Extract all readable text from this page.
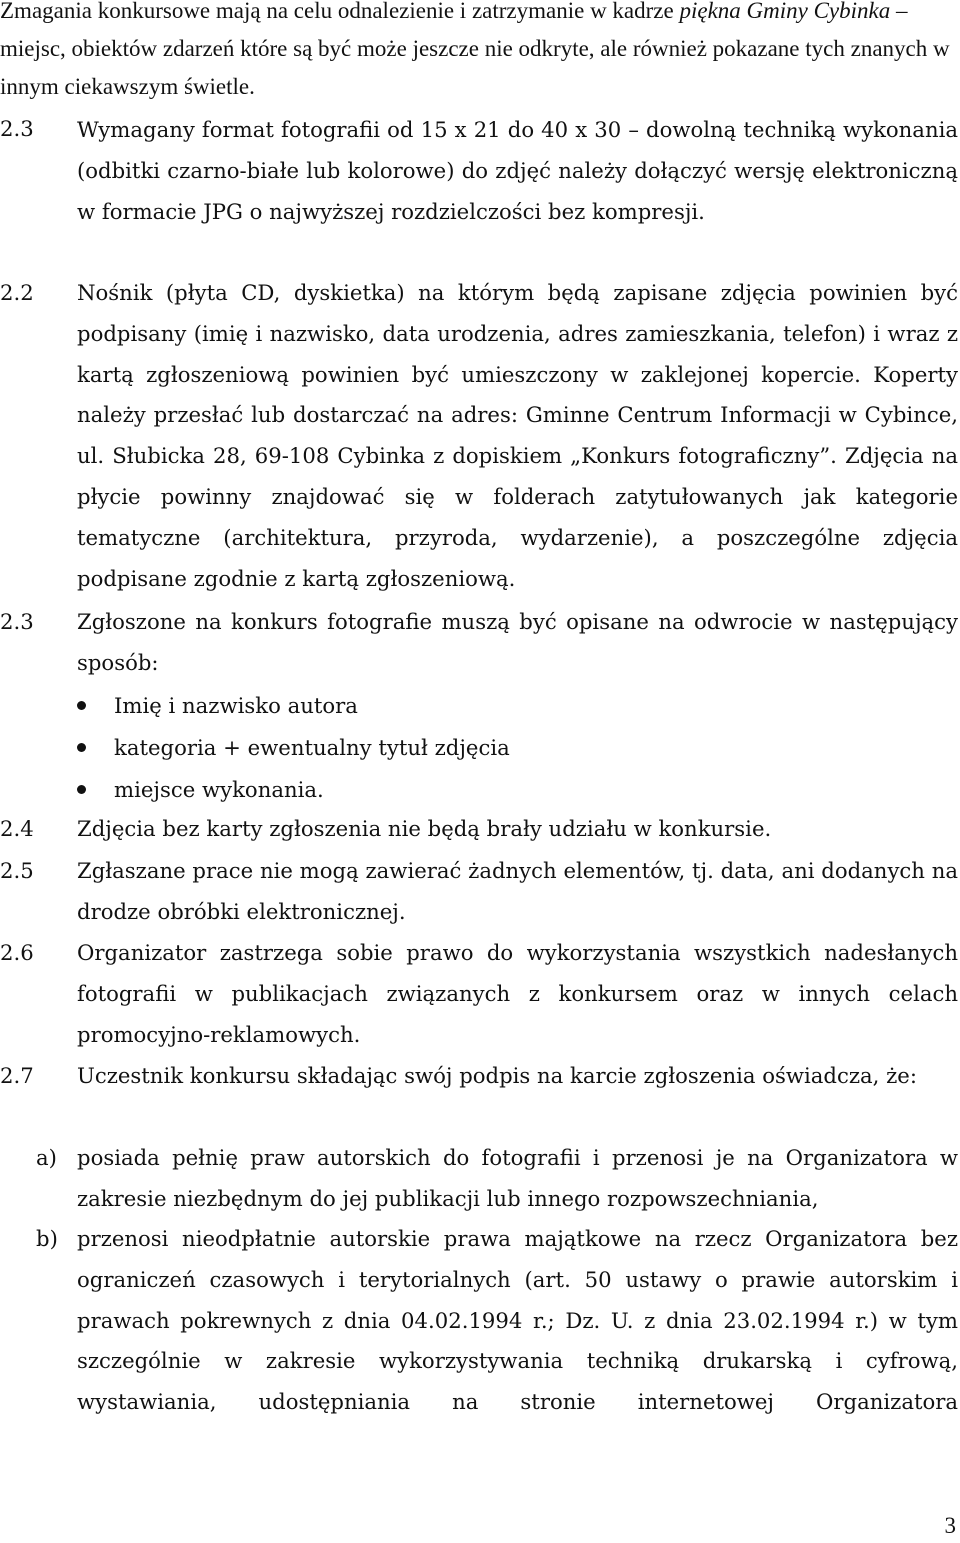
Zmagania konkursowe mają na celu odnalezienie i zatrzymanie w kadrze piękna Gminy Cybinka – miejsc, obiektów zdarzeń które są być może jeszcze nie odkryte, ale również pokazane tych znanych w innym ciekawszym świetle.
2.3	Wymagany format fotografii od 15 x 21 do 40 x 30 – dowolną techniką wykonania (odbitki czarno-białe lub kolorowe) do zdjęć należy dołączyć wersję elektroniczną w formacie JPG o najwyższej rozdzielczości bez kompresji.
2.2	Nośnik (płyta CD, dyskietka) na którym będą zapisane zdjęcia powinien być podpisany (imię i nazwisko, data urodzenia, adres zamieszkania, telefon) i wraz z kartą zgłoszeniową powinien być umieszczony w zaklejonej kopercie. Koperty należy przesłać lub dostarczać na adres: Gminne Centrum Informacji w Cybince, ul. Słubicka 28, 69-108 Cybinka z dopiskiem „Konkurs fotograficzny”. Zdjęcia na płycie powinny znajdować się w folderach zatytułowanych jak kategorie tematyczne (architektura, przyroda, wydarzenie), a poszczególne zdjęcia podpisane zgodnie z kartą zgłoszeniową.
2.3	Zgłoszone na konkurs fotografie muszą być opisane na odwrocie w następujący sposób:
Imię i nazwisko autora
kategoria + ewentualny tytuł zdjęcia
miejsce wykonania.
2.4	Zdjęcia bez karty zgłoszenia nie będą brały udziału w konkursie.
2.5	Zgłaszane prace nie mogą zawierać żadnych elementów, tj. data, ani dodanych na drodze obróbki elektronicznej.
2.6	Organizator zastrzega sobie prawo do wykorzystania wszystkich nadesłanych fotografii w publikacjach związanych z konkursem oraz w innych celach promocyjno-reklamowych.
2.7	Uczestnik konkursu składając swój podpis na karcie zgłoszenia oświadcza, że:
a) posiada pełnię praw autorskich do fotografii i przenosi je na Organizatora w zakresie niezbędnym do jej publikacji lub innego rozpowszechniania,
b) przenosi nieodpłatnie autorskie prawa majątkowe na rzecz Organizatora bez ograniczeń czasowych i terytorialnych (art. 50 ustawy o prawie autorskim i prawach pokrewnych z dnia 04.02.1994 r.; Dz. U. z dnia 23.02.1994 r.) w tym szczególnie w zakresie wykorzystywania techniką drukarską i cyfrową, wystawiania, udostępniania na stronie internetowej Organizatora
3
